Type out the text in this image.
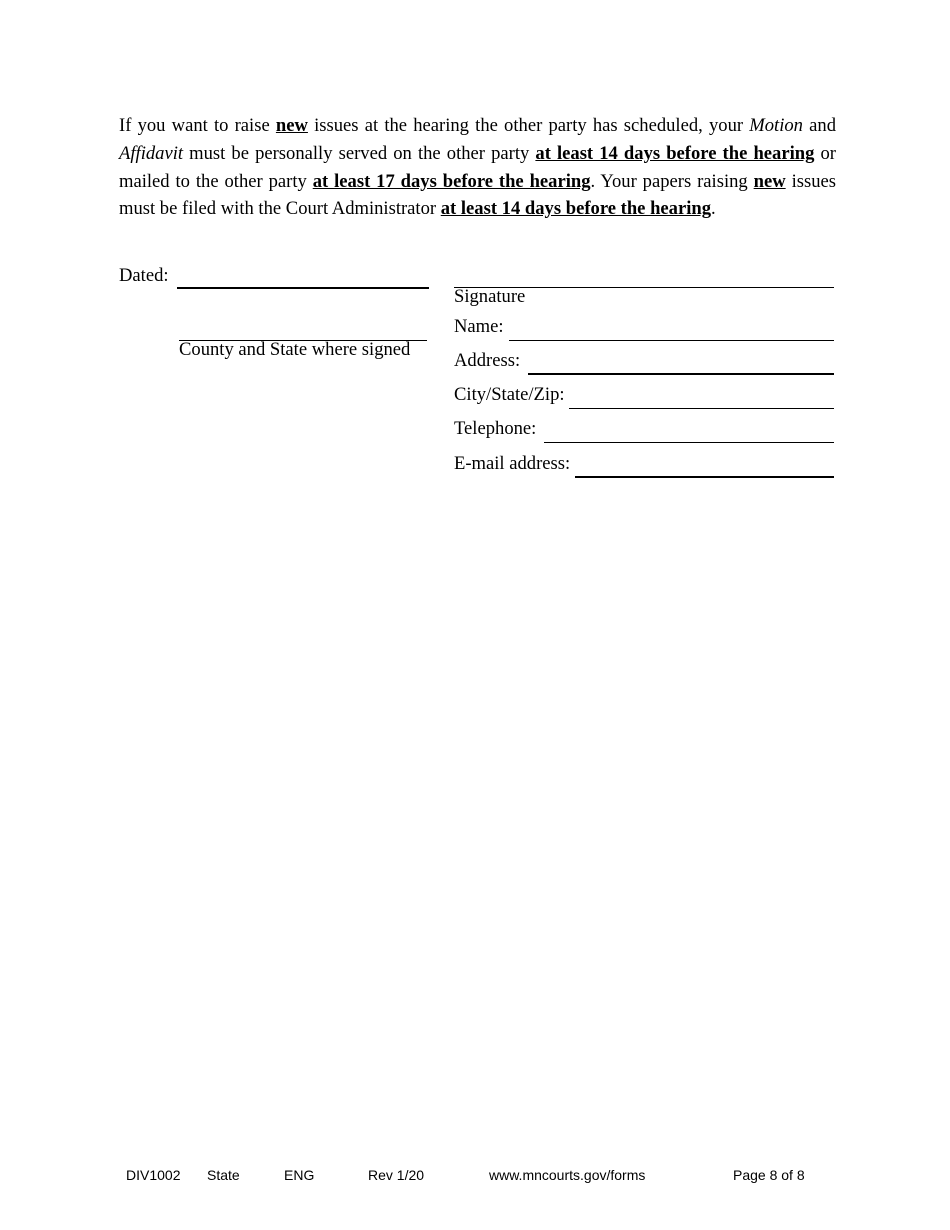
If you want to raise new issues at the hearing the other party has scheduled, your Motion and Affidavit must be personally served on the other party at least 14 days before the hearing or mailed to the other party at least 17 days before the hearing. Your papers raising new issues must be filed with the Court Administrator at least 14 days before the hearing.

Dated:
County and State where signed
Signature
Name:
Address:
City/State/Zip:
Telephone:
E-mail address:
DIV1002 State	ENG	Rev 1/20	www.mncourts.gov/forms	Page 8 of 8
